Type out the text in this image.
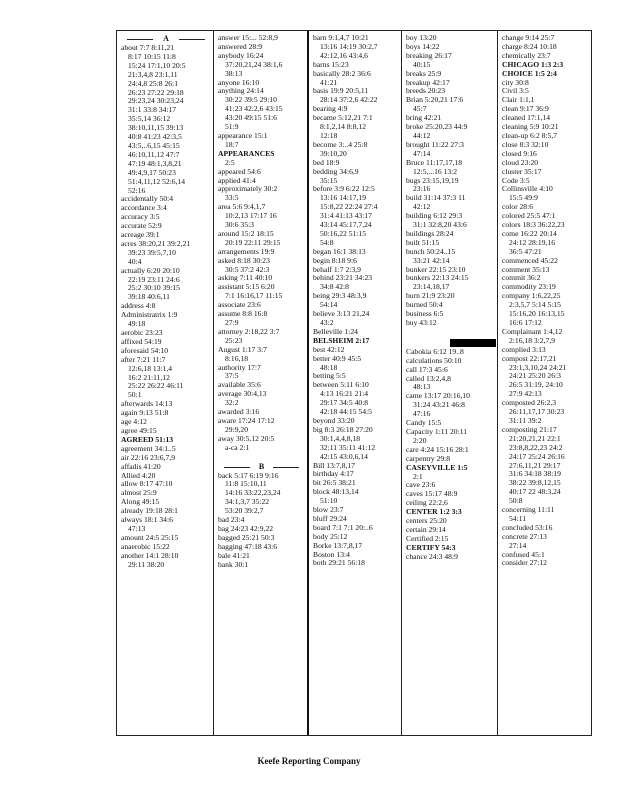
A
about 7:7 8:11,21
8:17 10:15 11:8
15:24 17:1,10 20:5
21:3,4,8 23:1,11
24:4,8 25:8 26:1
26:23 27:22 29:18
29:23,24 30:23,24
31:1 33:8 34:17
35:5,14 36:12
38:10,11,15 39:13
40:8 41:23 42:3,5
43:5,..6,15 45:15
46:10,11,12 47:7
47:19 48:1,3,8,21
49:4,9,17 50:23
51:4,11,12 52:6,14
52:16
accidentally 50:4
accordance 3:4
accuracy 3:5
accurate 52:9
acreage 39:1
acres 38:20,21 39:2,21
39:23 39:5,7,10
40:4
actually 6:20 20:10
22:19 23:11 24:6
25:2 30:10 39:15
39:18 40:6,11
address 4:8
Administratrix 1:9
49:18
aerobic 23:23
affixed 54:19
aforesaid 54:10
after 7:21 11:7
12:6,18 13:1,4
16:2 21:11,12
25:22 26:22 46:11
50:1
afterwards 14:13
again 9:13 51:8
age 4:12
agree 49:15
AGREED 51:13
agreement 34:1..5
air 22:16 23:6,7,9
affadis 41:20
Allied 4:20
allow 8:17 47:10
almost 25:9
Along 49:15
already 19:18 28:1
always 18:1 34:6
47:13
amount 24:5 25:15
anaerobic 15:22
another 14:1 28:10
29:11 38:20
answer 15:... 52:8,9
answered 28:9
anybody 16:24
37:20,21,24 38:1,6
38:13
anyone 16:10
anything 24:14
30:22 39:5 29:10
41:23 42:2,6 43:15
43:20 49:15 51:6
51:9
appearance 15:1
18:7
APPEARANCES
2:5
appeared 54:6
applied 41:4
approximately 30:2
33:5
area 5:6 9:4,1,7
10:2,13 17:17 16
30:6 35:3
around 15:2 18:15
20:19 22:11 29:15
arrangements 19:9
asked 8:18 30:23
30:5 37:2 42:3
asking 7:11 40:10
assistant 5:15 6:20
7:1 16:16,17 11:15
associate 23:6
assume 8:8 16:8
27:9
attorney 2:18,22 3:7
25:23
August 1:17 3:7
8:16,18
authority 17:7
37:5
available 35:6
average 30:4,13
32:2
awarded 3:16
aware 17:24 17:12
29:9,20
away 30:5,12 20:5
a-ca 2:1

B
back 5:17 6:19 9:16
11:8 15:10,11
14:16 33:22,23,24
34:1,3,7 35:22
53:20 39:2,7
bad 23:4
bag 24:23 42:9,22
bagged 25:21 50:3
bagging 47:18 43:6
bale 41:21
bank 30:1
barn 9:1,4,7 10:21
13:16 14:19 30:2,7
42:12,16 43:4,6
barns 15:23
basically 28:2 36:6
41:21
basis 19:9 20:5,11
28:14 37:2,6 42:22
bearing 4:9
became 5:12,21 7:1
8:1,2,14 8:8,12
12:18
become 3:..4 25:8
39:10,20
bed 18:9
bedding 34:6,9
35:15
before 3:9 6:22 12:5
13:16 14:17,19
15:8,22 22:24 27:4
31:4 41:13 43:17
43:14 45:17,7,24
50:16,22 51:15
54:8
began 16:1 38:13
begin 8:18 9:6
behalf 1:7 2:3,9
behind 23:21 34:23
34:8 42:8
being 29:3 48:3,9
54:14
believe 3:13 21,24
43:2
Belleville 1:24
BELSHEIM 2:17
best 42:12
better 40:9 45:5
48:18
betting 5:5
between 5:11 6:10
4:13 16:21 21:4
29:17 34:5 40:8
42:18 44:15 54:5
beyond 33:20
big 8:3 26:18 27:20
30:1,4,4,8,18
32:11 35:11 41:12
42:15 43:0,6,14
Bill 13:7,8,17
birthday 4:17
bit 26:5 38:21
block 48:13,14
51:10
blow 23:7
bluff 29:24
board 7:1 7:1 20:..6
body 25:12
Borke 13:7,8,17
Boston 13:4
both 29:21 56:18
boy 13:20
boys 14:22
breaking 26:17
40:15
breaks 25:9
breakup 42:17
breeds 20:23
Brian 5:20,21 17:6
45:7
bring 42:21
broke 25:20,23 44:9
44:12
brought 11:22 27:3
47:14
Bruce 11:17,17,18
12:5,...16 13:2
bugs 23:15,19,19
23:16
build 31:14 37:3 11
42:12
building 6:12 29:3
31:1 32:8,20 43:6
buildings 28:24
built 51:15
bunch 50:24..15
33:21 42:14
bunker 22:15 23:10
bunkers 22:13 24:15
23:14,18,17
burn 21:9 23:20
burned 50:4
business 6:5
buy 43:12

Cabokia 6:12 19..8
calculations 50:10
call 17:3 45:6
called 13:2,4,8
48:13
came 13:17 20:16,10
31:24 43:21 46:8
47:16
Candy 15:5
Capacity 1:11 20:11
2:20
care 4:24 15:16 28:1
carpentry 29:8
CASEYVILLE 1:5
2:1
cave 23:6
caves 15:17 48:9
ceiling 22:2,6
CENTER 1:2 3:3
centers 25:20
certain 29:14
Certified 2:15
CERTIFY 54:3
chance 24:3 48:9
change 9:14 25:7
charge 8:24 10:18
chemically 23:7
CHICAGO 1:3 2:3
CHOICE 1:5 2:4
city 30:8
Civil 3:5
Clair 1:1,1
clean 9:17 36:9
cleaned 17:1,14
cleaning 5:9 10:21
clean-up 6:2 8:5,7
close 8:3 32:10
closed 9:16
cloud 23:20
cluster 35:17
Code 3:5
Collinsville 4:10
15:5 49:9
color 28:6
colored 25:5 47:1
colors 18:3 36:22,23
come 16:22 20:14
24:12 28:19,16
36:5 47:21
commenced 45:22
comment 35:13
commit 36:2
commodity 23:19
company 1:6,22,25
2:3,5,7 5:14 5:15
15:16,20 16:13,15
16:6 17:12
Complainant 1:4,12
2:16,18 3:2,7,9
complied 3:13
compost 22:17,21
23:1,3,10,24 24:21
24:21 25:20 26:3
26:5 31:19, 24:10
27:9 42:13
composted 26:2,3
26:11,17,17 30:23
31:11 39:2
composting 21:17
21:20,21,21 22:1
23:8,8,22,23 24:2
24:17 25:24 26:16
27:6,11,21 29:17
31:6 34:18 38:19
38:22 39:8,12,15
40:17 22 48:3,24
50:8
concerning 11:11
54:11
concluded 53:16
concrete 27:13
27:14
confused 45:1
consider 27:12
Keefe Reporting Company
